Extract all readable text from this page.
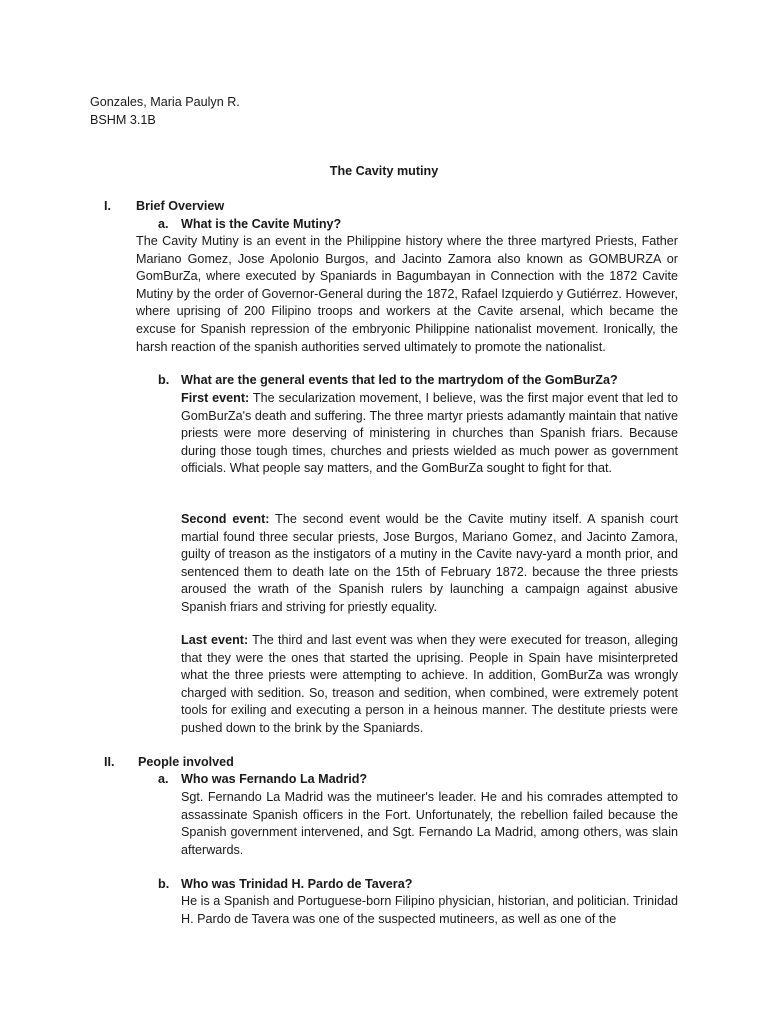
Gonzales, Maria Paulyn R.
BSHM 3.1B
The Cavity mutiny
I. Brief Overview
a. What is the Cavite Mutiny?
The Cavity Mutiny is an event in the Philippine history where the three martyred Priests, Father Mariano Gomez, Jose Apolonio Burgos, and Jacinto Zamora also known as GOMBURZA or GomBurZa, where executed by Spaniards in Bagumbayan in Connection with the 1872 Cavite Mutiny by the order of Governor-General during the 1872, Rafael Izquierdo y Gutiérrez. However, where uprising of 200 Filipino troops and workers at the Cavite arsenal, which became the excuse for Spanish repression of the embryonic Philippine nationalist movement. Ironically, the harsh reaction of the spanish authorities served ultimately to promote the nationalist.
b. What are the general events that led to the martrydom of the GomBurZa?
First event: The secularization movement, I believe, was the first major event that led to GomBurZa's death and suffering. The three martyr priests adamantly maintain that native priests were more deserving of ministering in churches than Spanish friars. Because during those tough times, churches and priests wielded as much power as government officials. What people say matters, and the GomBurZa sought to fight for that.
Second event: The second event would be the Cavite mutiny itself. A spanish court martial found three secular priests, Jose Burgos, Mariano Gomez, and Jacinto Zamora, guilty of treason as the instigators of a mutiny in the Cavite navy-yard a month prior, and sentenced them to death late on the 15th of February 1872. because the three priests aroused the wrath of the Spanish rulers by launching a campaign against abusive Spanish friars and striving for priestly equality.
Last event: The third and last event was when they were executed for treason, alleging that they were the ones that started the uprising. People in Spain have misinterpreted what the three priests were attempting to achieve. In addition, GomBurZa was wrongly charged with sedition. So, treason and sedition, when combined, were extremely potent tools for exiling and executing a person in a heinous manner. The destitute priests were pushed down to the brink by the Spaniards.
II. People involved
a. Who was Fernando La Madrid?
Sgt. Fernando La Madrid was the mutineer's leader. He and his comrades attempted to assassinate Spanish officers in the Fort. Unfortunately, the rebellion failed because the Spanish government intervened, and Sgt. Fernando La Madrid, among others, was slain afterwards.
b. Who was Trinidad H. Pardo de Tavera?
He is a Spanish and Portuguese-born Filipino physician, historian, and politician. Trinidad H. Pardo de Tavera was one of the suspected mutineers, as well as one of the
